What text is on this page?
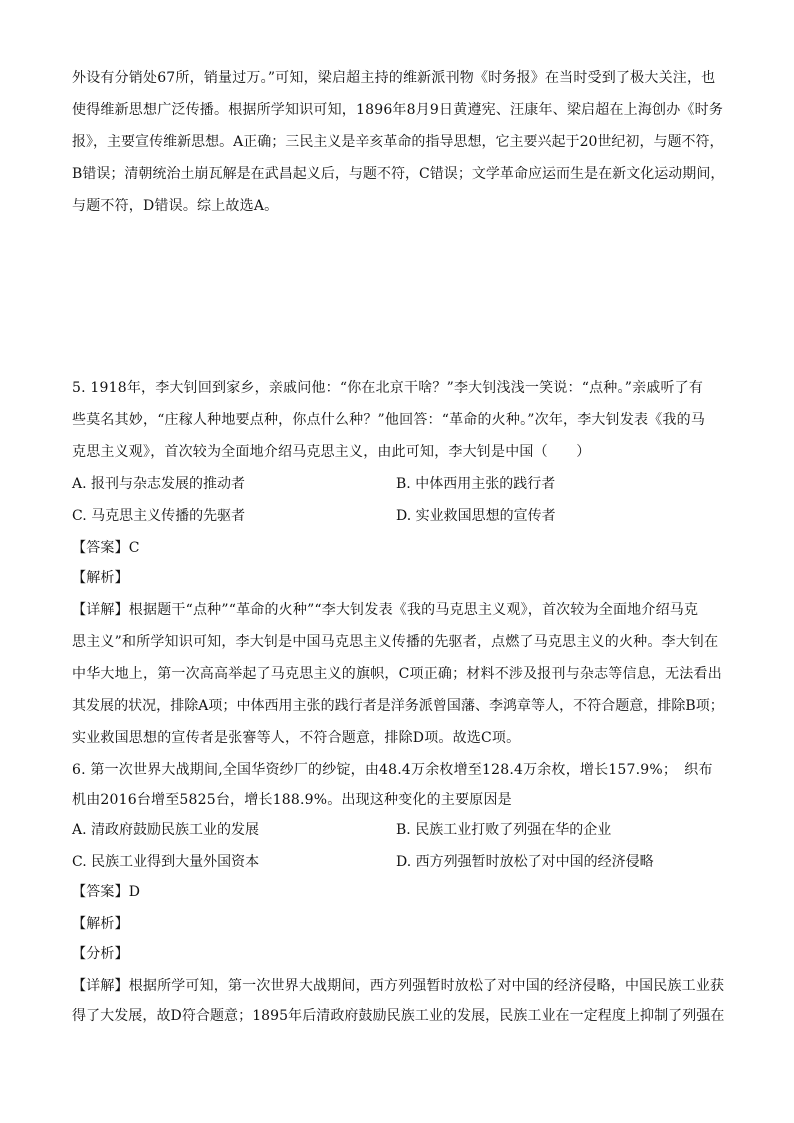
外设有分销处67所，销量过万。”可知，梁启超主持的维新派刊物《时务报》在当时受到了极大关注，也
使得维新思想广泛传播。根据所学知识可知，1896年8月9日黄遵宪、汪康年、梁启超在上海创办《时务
报》，主要宣传维新思想。A正确；三民主义是辛亥革命的指导思想，它主要兴起于20世纪初，与题不符，
B错误；清朝统治土崩瓦解是在武昌起义后，与题不符，C错误；文学革命应运而生是在新文化运动期间，
与题不符，D错误。综上故选A。
5. 1918年，李大钊回到家乡，亲戚问他：“你在北京干啥？”李大钊浅浅一笑说：“点种。”亲戚听了有
些莫名其妙，“庄稼人种地要点种，你点什么种？”他回答：“革命的火种。”次年，李大钊发表《我的马
克思主义观》，首次较为全面地介绍马克思主义，由此可知，李大钊是中国（　　）
A. 报刊与杂志发展的推动者	B. 中体西用主张的践行者
C. 马克思主义传播的先驱者	D. 实业救国思想的宣传者
【答案】C
【解析】
【详解】根据题干“点种”“革命的火种”“李大钊发表《我的马克思主义观》，首次较为全面地介绍马克
思主义”和所学知识可知，李大钊是中国马克思主义传播的先驱者，点燃了马克思主义的火种。李大钊在
中华大地上，第一次高高举起了马克思主义的旗帜，C项正确；材料不涉及报刊与杂志等信息，无法看出
其发展的状况，排除A项；中体西用主张的践行者是洋务派曾国藩、李鸿章等人，不符合题意，排除B项；
实业救国思想的宣传者是张謇等人，不符合题意，排除D项。故选C项。
6. 第一次世界大战期间,全国华资纱厂的纱锭，由48.4万余枚增至128.4万余枚，增长157.9%；　织布
机由2016台增至5825台，增长188.9%。出现这种变化的主要原因是
A. 清政府鼓励民族工业的发展	B. 民族工业打败了列强在华的企业
C. 民族工业得到大量外国资本	D. 西方列强暂时放松了对中国的经济侵略
【答案】D
【解析】
【分析】
【详解】根据所学可知，第一次世界大战期间，西方列强暂时放松了对中国的经济侵略，中国民族工业获
得了大发展，故D符合题意；1895年后清政府鼓励民族工业的发展，民族工业在一定程度上抑制了列强在
